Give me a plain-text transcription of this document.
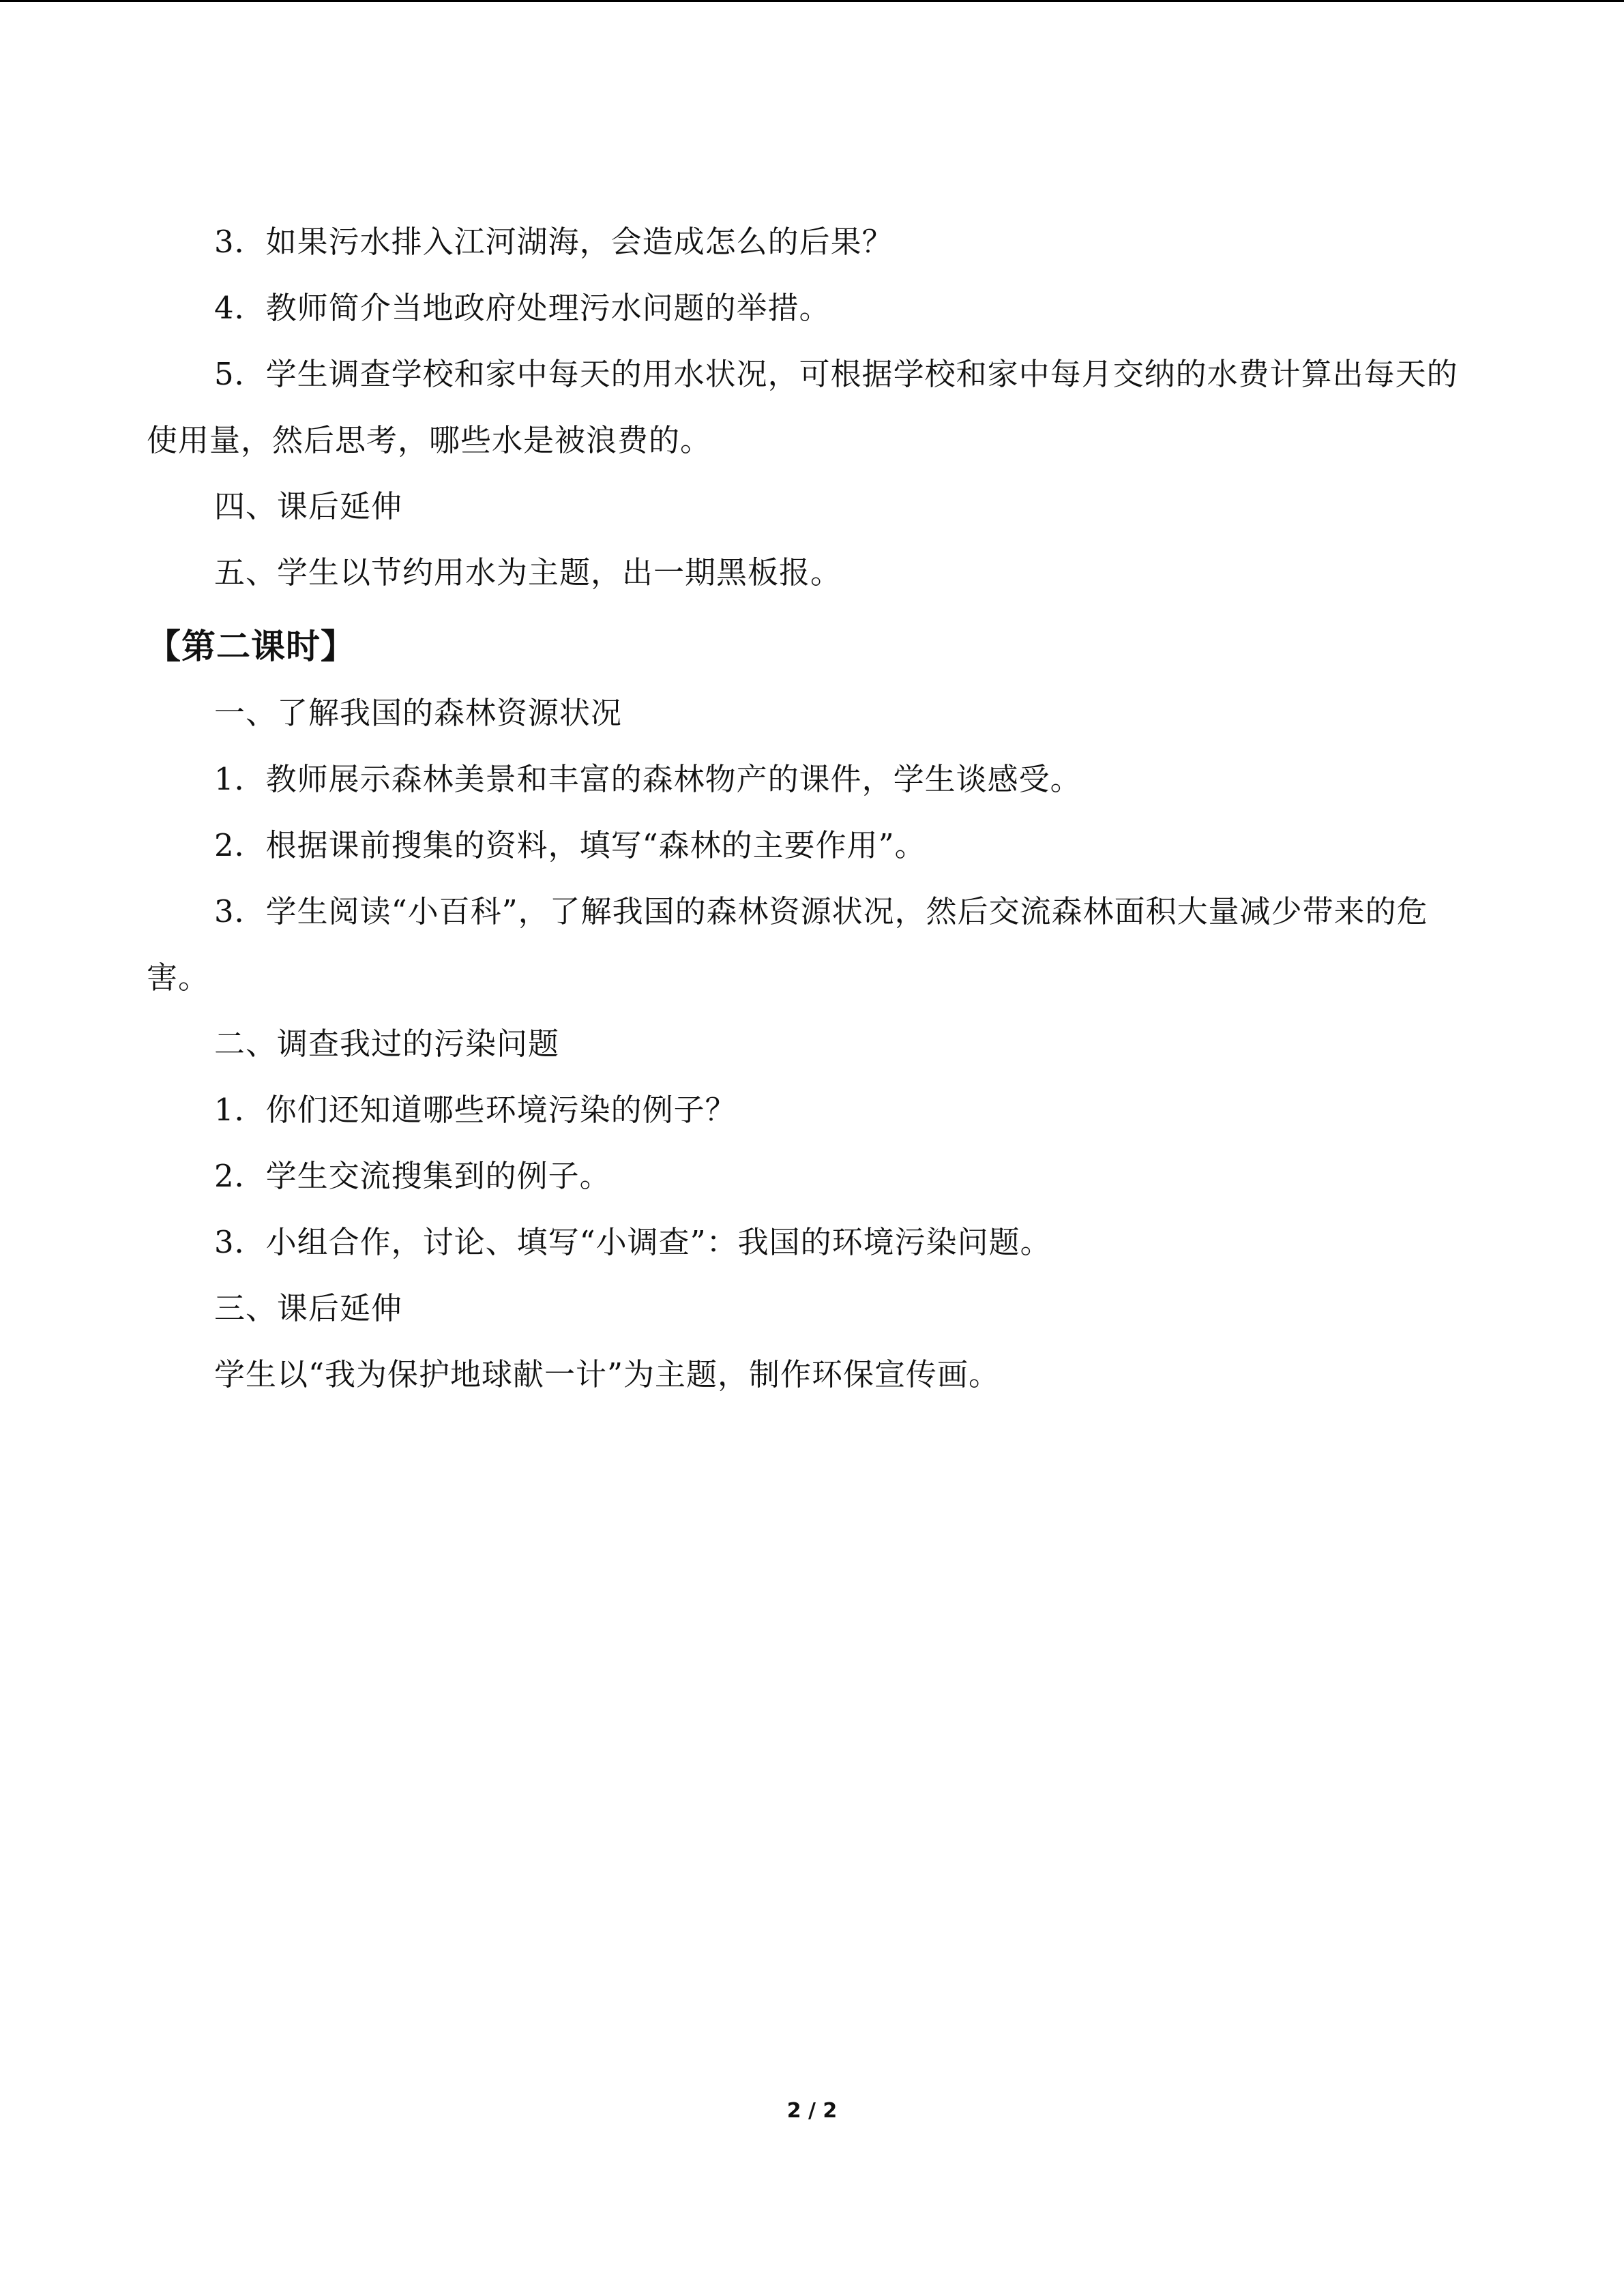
3．如果污水排入江河湖海，会造成怎么的后果？

4．教师简介当地政府处理污水问题的举措。

5．学生调查学校和家中每天的用水状况，可根据学校和家中每月交纳的水费计算出每天的使用量，然后思考，哪些水是被浪费的。

四、课后延伸

五、学生以节约用水为主题，出一期黑板报。

【第二课时】

一、了解我国的森林资源状况

1．教师展示森林美景和丰富的森林物产的课件，学生谈感受。

2．根据课前搜集的资料，填写“森林的主要作用”。

3．学生阅读“小百科”，了解我国的森林资源状况，然后交流森林面积大量减少带来的危害。

二、调查我过的污染问题

1．你们还知道哪些环境污染的例子？

2．学生交流搜集到的例子。

3．小组合作，讨论、填写“小调查”：我国的环境污染问题。

三、课后延伸

学生以“我为保护地球献一计”为主题，制作环保宣传画。

2 / 2
